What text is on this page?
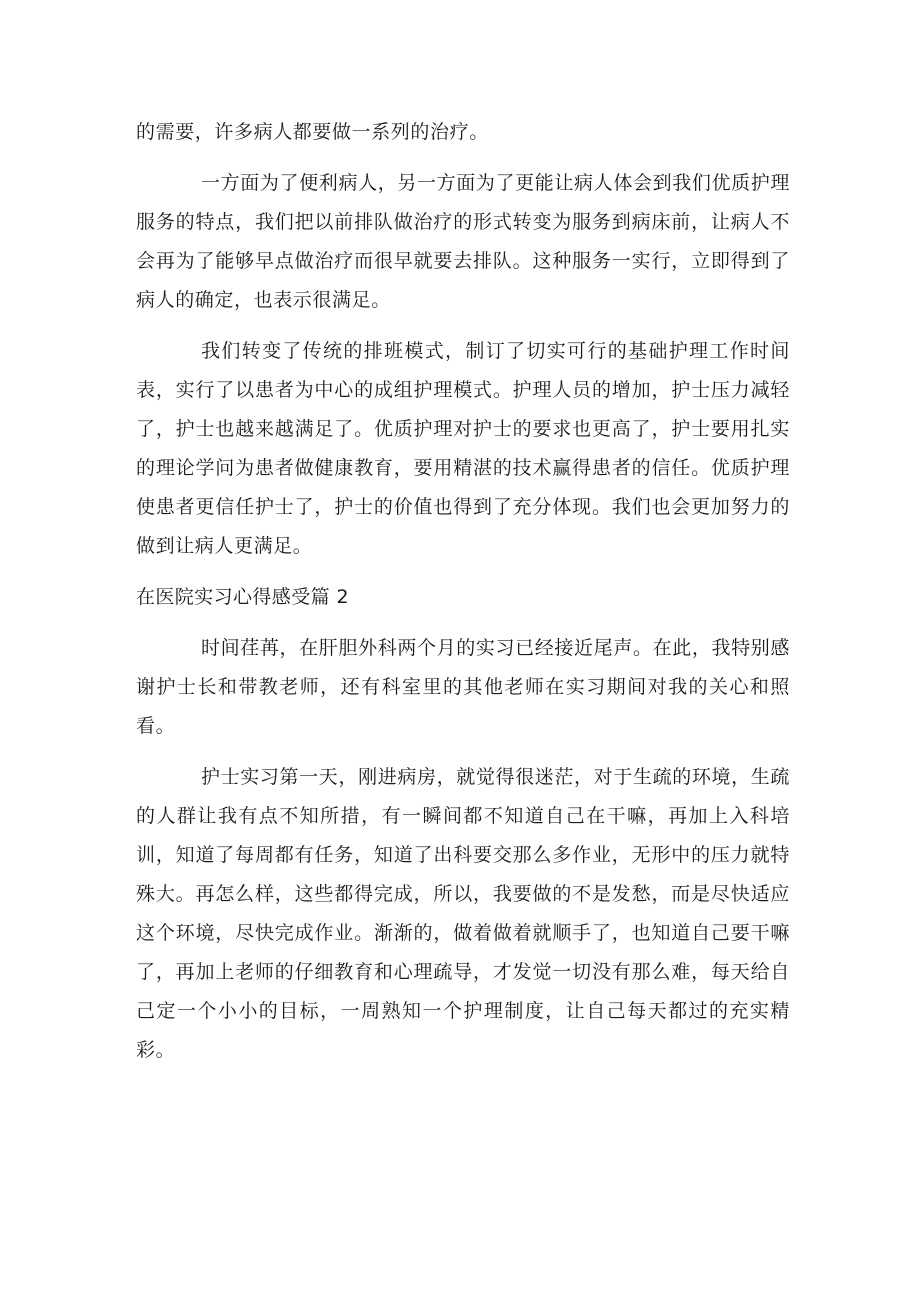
的需要，许多病人都要做一系列的治疗。

一方面为了便利病人，另一方面为了更能让病人体会到我们优质护理服务的特点，我们把以前排队做治疗的形式转变为服务到病床前，让病人不会再为了能够早点做治疗而很早就要去排队。这种服务一实行，立即得到了病人的确定，也表示很满足。

我们转变了传统的排班模式，制订了切实可行的基础护理工作时间表，实行了以患者为中心的成组护理模式。护理人员的增加，护士压力减轻了，护士也越来越满足了。优质护理对护士的要求也更高了，护士要用扎实的理论学问为患者做健康教育，要用精湛的技术赢得患者的信任。优质护理使患者更信任护士了，护士的价值也得到了充分体现。我们也会更加努力的做到让病人更满足。

在医院实习心得感受篇 2

时间荏苒，在肝胆外科两个月的实习已经接近尾声。在此，我特别感谢护士长和带教老师，还有科室里的其他老师在实习期间对我的关心和照看。

护士实习第一天，刚进病房，就觉得很迷茫，对于生疏的环境，生疏的人群让我有点不知所措，有一瞬间都不知道自己在干嘛，再加上入科培训，知道了每周都有任务，知道了出科要交那么多作业，无形中的压力就特殊大。再怎么样，这些都得完成，所以，我要做的不是发愁，而是尽快适应这个环境，尽快完成作业。渐渐的，做着做着就顺手了，也知道自己要干嘛了，再加上老师的仔细教育和心理疏导，才发觉一切没有那么难，每天给自己定一个小小的目标，一周熟知一个护理制度，让自己每天都过的充实精彩。
